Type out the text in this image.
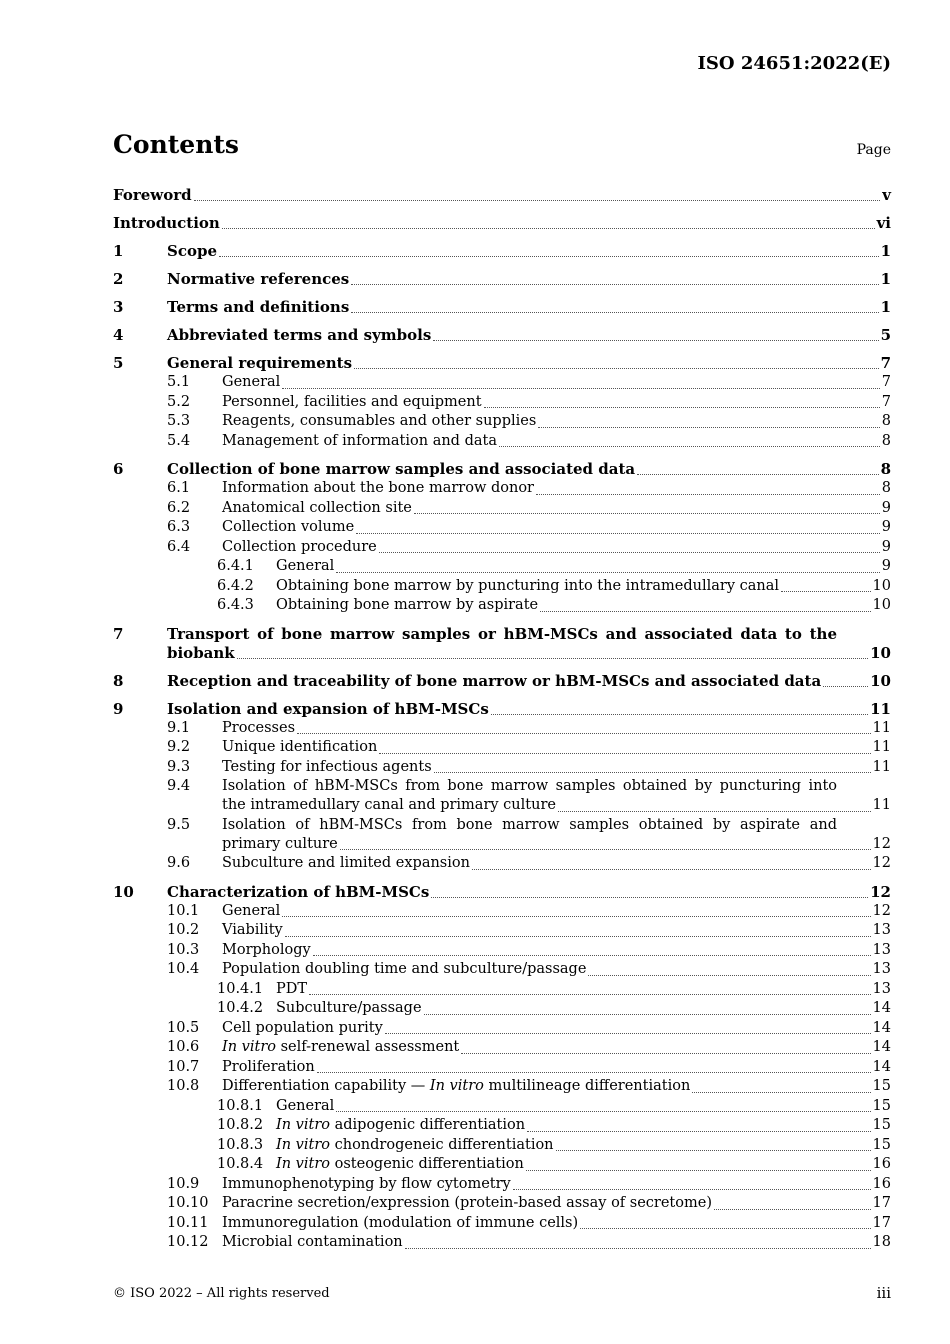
ISO 24651:2022(E)
Contents	Page
Foreword	v
Introduction	vi
1	Scope	1
2	Normative references	1
3	Terms and definitions	1
4	Abbreviated terms and symbols	5
5	General requirements	7
5.1 General	7
5.2 Personnel, facilities and equipment	7
5.3 Reagents, consumables and other supplies	8
5.4 Management of information and data	8
6	Collection of bone marrow samples and associated data	8
6.1 Information about the bone marrow donor	8
6.2 Anatomical collection site	9
6.3 Collection volume	9
6.4 Collection procedure	9
6.4.1 General	9
6.4.2 Obtaining bone marrow by puncturing into the intramedullary canal	10
6.4.3 Obtaining bone marrow by aspirate	10
7	Transport of bone marrow samples or hBM-MSCs and associated data to the
biobank	10
8	Reception and traceability of bone marrow or hBM-MSCs and associated data	10
9	Isolation and expansion of hBM-MSCs	11
9.1 Processes	11
9.2 Unique identification	11
9.3 Testing for infectious agents	11
9.4 Isolation of hBM-MSCs from bone marrow samples obtained by puncturing into
the intramedullary canal and primary culture	11
9.5 Isolation of hBM-MSCs from bone marrow samples obtained by aspirate and
primary culture	12
9.6 Subculture and limited expansion	12
10 Characterization of hBM-MSCs	12
10.1 General	12
10.2 Viability	13
10.3 Morphology	13
10.4 Population doubling time and subculture/passage	13
10.4.1 PDT	13
10.4.2 Subculture/passage	14
10.5 Cell population purity	14
10.6 In vitro self-renewal assessment	14
10.7 Proliferation	14
10.8 Differentiation capability — In vitro multilineage differentiation	15
10.8.1 General	15
10.8.2 In vitro adipogenic differentiation	15
10.8.3 In vitro chondrogeneic differentiation	15
10.8.4 In vitro osteogenic differentiation	16
10.9 Immunophenotyping by flow cytometry	16
10.10 Paracrine secretion/expression (protein-based assay of secretome)	17
10.11 Immunoregulation (modulation of immune cells)	17
10.12 Microbial contamination	18
© ISO 2022 – All rights reserved	iii
